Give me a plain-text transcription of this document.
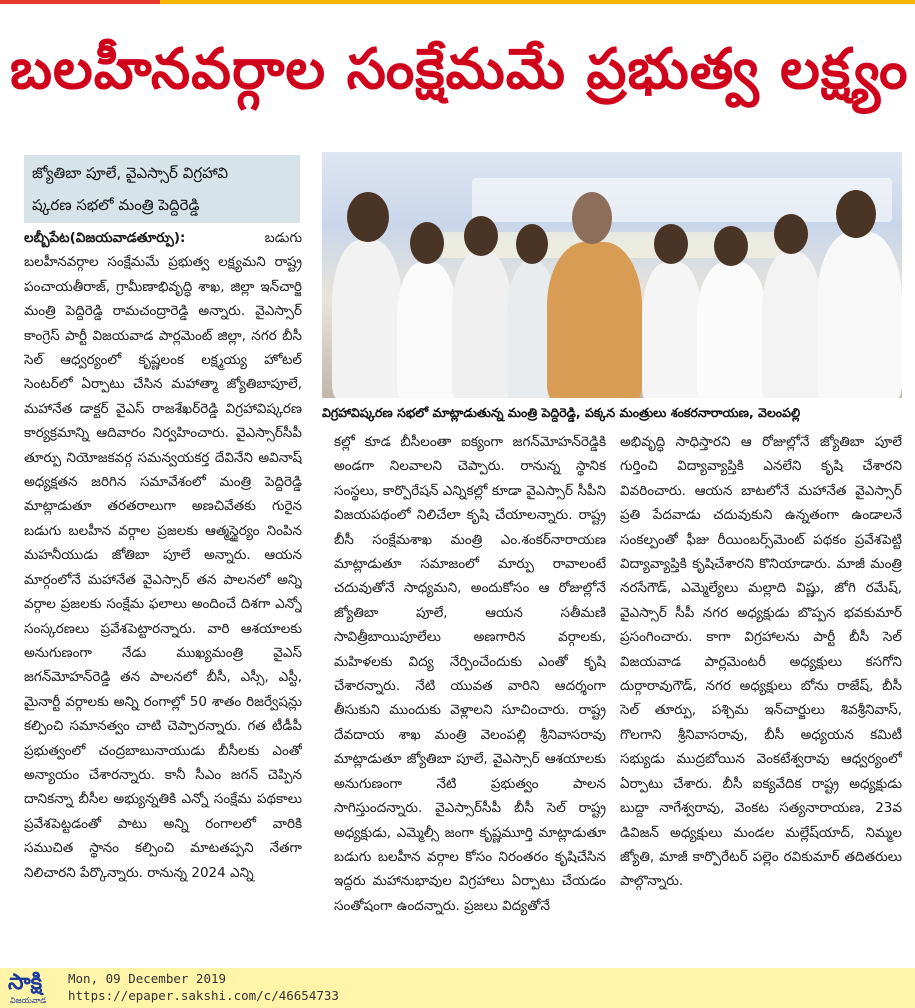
బలహీనవర్గాల సంక్షేమమే ప్రభుత్వ లక్ష్యం
జ్యోతిబా పూలే, వైఎస్సార్ విగ్రహావి
ష్కరణ సభలో మంత్రి పెద్దిరెడ్డి
విగ్రహావిష్కరణ సభలో మాట్లాడుతున్న మంత్రి పెద్దిరెడ్డి, పక్కన మంత్రులు శంకరనారాయణ, వెలంపల్లి

లబ్బీపేట(విజయవాడతూర్పు): బడుగు బలహీనవర్గాల సంక్షేమమే ప్రభుత్వ లక్ష్యమని రాష్ట్ర పంచాయతీరాజ్, గ్రామీణాభివృద్ధి శాఖ, జిల్లా ఇన్‌చార్జి మంత్రి పెద్దిరెడ్డి రామచంద్రారెడ్డి అన్నారు. వైఎస్సార్ కాంగ్రెస్ పార్టీ విజయవాడ పార్లమెంట్ జిల్లా, నగర బీసీ సెల్ ఆధ్వర్యంలో కృష్ణలంక లక్ష్మయ్య హోటల్ సెంటర్‌లో ఏర్పాటు చేసిన మహాత్మా జ్యోతిబాపూలే, మహానేత డాక్టర్ వైఎస్ రాజశేఖర్‌రెడ్డి విగ్రహావిష్కరణ కార్యక్రమాన్ని ఆదివారం నిర్వహించారు. వైఎస్సార్‌సీపీ తూర్పు నియోజకవర్గ సమన్వయకర్త దేవినేని అవినాష్ అధ్యక్షతన జరిగిన సమావేశంలో మంత్రి పెద్దిరెడ్డి మాట్లాడుతూ తరతరాలుగా అణచివేతకు గురైన బడుగు బలహీన వర్గాల ప్రజలకు ఆత్మస్థైర్యం నింపిన మహనీయుడు జోతిబా పూలే అన్నారు. ఆయన మార్గంలోనే మహానేత వైఎస్సార్ తన పాలనలో అన్ని వర్గాల ప్రజలకు సంక్షేమ ఫలాలు అందించే దిశగా ఎన్నో సంస్కరణలు ప్రవేశపెట్టారన్నారు. వారి ఆశయాలకు అనుగుణంగా నేడు ముఖ్యమంత్రి వైఎస్ జగన్‌మోహన్‌రెడ్డి తన పాలనలో బీసీ, ఎస్సీ, ఎస్టీ, మైనార్టీ వర్గాలకు అన్ని రంగాల్లో 50 శాతం రిజర్వేషన్లు కల్పించి సమానత్వం చాటి చెప్పారన్నారు. గత టీడీపీ ప్రభుత్వంలో చంద్రబాబునాయుడు బీసీలకు ఎంతో అన్యాయం చేశారన్నారు. కానీ సీఎం జగన్ చెప్పిన దానికన్నా బీసీల అభ్యున్నతికి ఎన్నో సంక్షేమ పథకాలు ప్రవేశపెట్టడంతో పాటు అన్ని రంగాలలో వారికి సముచిత స్థానం కల్పించి మాటతప్పని నేతగా నిలిచారని పేర్కొన్నారు. రానున్న 2024 ఎన్ని

కల్లో కూడ బీసీలంతా ఐక్యంగా జగన్‌మోహన్‌రెడ్డికి అండగా నిలవాలని చెప్పారు. రానున్న స్థానిక సంస్థలు, కార్పొరేషన్ ఎన్నికల్లో కూడా వైఎస్సార్ సీపీని విజయపథంలో నిలిచేలా కృషి చేయాలన్నారు. రాష్ట్ర బీసీ సంక్షేమశాఖ మంత్రి ఎం.శంకర్‌నారాయణ మాట్లాడుతూ సమాజంలో మార్పు రావాలంటే చదువుతోనే సాధ్యమని, అందుకోసం ఆ రోజుల్లోనే జ్యోతిబా పూలే, ఆయన సతీమణి సావిత్రీబాయిపూలేలు అణగారిన వర్గాలకు, మహిళలకు విద్య నేర్పించేందుకు ఎంతో కృషి చేశారన్నారు. నేటి యువత వారిని ఆదర్శంగా తీసుకుని ముందుకు వెళ్లాలని సూచించారు. రాష్ట్ర దేవదాయ శాఖ మంత్రి వెలంపల్లి శ్రీనివాసరావు మాట్లాడుతూ జ్యోతిబా పూలే, వైఎస్సార్ ఆశయాలకు అనుగుణంగా నేటి ప్రభుత్వం పాలన సాగిస్తుందన్నారు. వైఎస్సార్‌సీపీ బీసీ సెల్ రాష్ట్ర అధ్యక్షుడు, ఎమ్మెల్సీ జంగా కృష్ణమూర్తి మాట్లాడుతూ బడుగు బలహీన వర్గాల కోసం నిరంతరం కృషిచేసిన ఇద్దరు మహానుభావుల విగ్రహాలు ఏర్పాటు చేయడం సంతోషంగా ఉందన్నారు. ప్రజలు విద్యతోనే

అభివృద్ధి సాధిస్తారని ఆ రోజుల్లోనే జ్యోతిబా పూలే గుర్తించి విద్యావ్యాప్తికి ఎనలేని కృషి చేశారని వివరించారు. ఆయన బాటలోనే మహానేత వైఎస్సార్ ప్రతి పేదవాడు చదువుకుని ఉన్నతంగా ఉండాలనే సంకల్పంతో ఫీజు రీయింబర్స్‌మెంట్ పథకం ప్రవేశపెట్టి విద్యావ్యాప్తికి కృషిచేశారని కొనియాడారు. మాజీ మంత్రి నరసేగౌడ్, ఎమ్మెల్యేలు మల్లాది విష్ణు, జోగి రమేష్, వైఎస్సార్ సీపీ నగర అధ్యక్షుడు బొప్పన భవకుమార్ ప్రసంగించారు. కాగా విగ్రహాలను పార్టీ బీసీ సెల్ విజయవాడ పార్లమెంటరీ అధ్యక్షులు కసగోని దుర్గారావుగౌడ్, నగర అధ్యక్షులు బోను రాజేష్, బీసీ సెల్ తూర్పు, పశ్చిమ ఇన్‌చార్జులు శివశ్రీనివాస్, గొలగాని శ్రీనివాసరావు, బీసీ అధ్యయన కమిటీ సభ్యుడు ముద్రబోయిన వెంకటేశ్వరావు ఆధ్వర్యంలో ఏర్పాటు చేశారు. బీసీ ఐక్యవేదిక రాష్ట్ర అధ్యక్షుడు బుద్దా నాగేశ్వరావు, వెంకట సత్యనారాయణ, 23వ డివిజన్ అధ్యక్షులు మండల మల్లేష్‌యాద్, నిమ్మల జ్యోతి, మాజీ కార్పొరేటర్ పల్లెం రవికుమార్ తదితరులు పాల్గొన్నారు.

సాక్షి
విజయవాడ
Mon, 09 December 2019
https://epaper.sakshi.com/c/46654733
